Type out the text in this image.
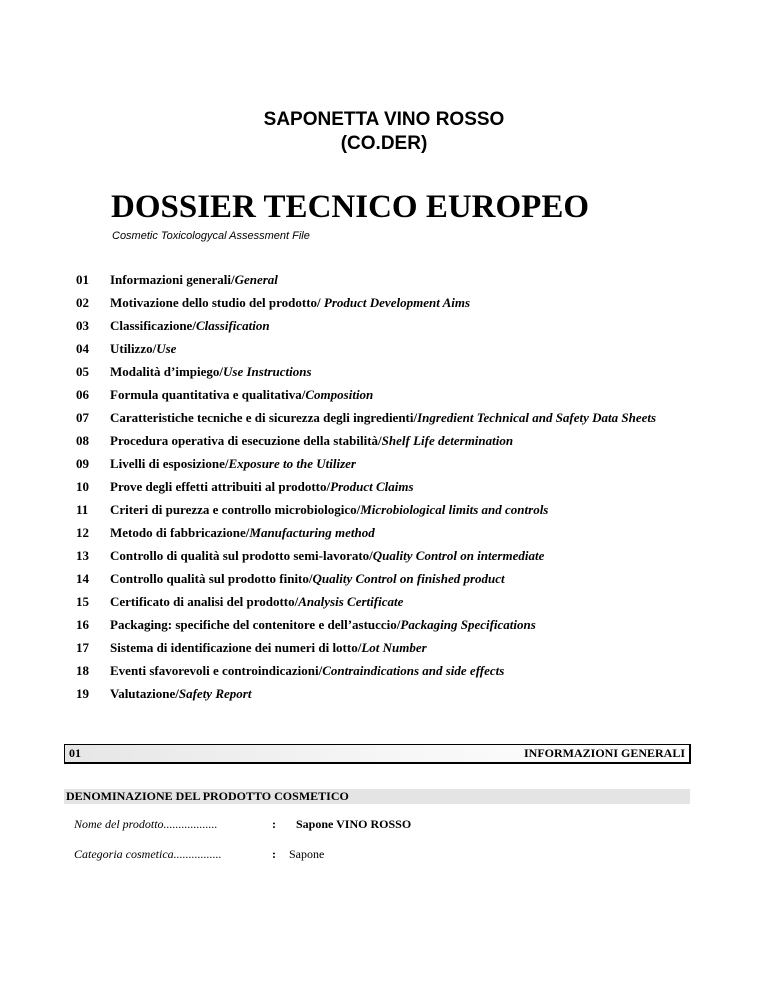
SAPONETTA VINO ROSSO
(CO.DER)
DOSSIER TECNICO EUROPEO
Cosmetic Toxicologycal Assessment File
01	Informazioni generali/General
02	Motivazione dello studio del prodotto/ Product Development Aims
03	Classificazione/Classification
04	Utilizzo/Use
05	Modalità d’impiego/Use Instructions
06	Formula quantitativa e qualitativa/Composition
07	Caratteristiche tecniche e di sicurezza degli ingredienti/Ingredient Technical and Safety Data Sheets
08	Procedura operativa di esecuzione della stabilità/Shelf Life determination
09	Livelli di esposizione/Exposure to the Utilizer
10	Prove degli effetti attribuiti al prodotto/Product Claims
11	Criteri di purezza e controllo microbiologico/Microbiological limits and controls
12	Metodo di fabbricazione/Manufacturing method
13	Controllo di qualità sul prodotto semi-lavorato/Quality Control on intermediate
14	Controllo qualità sul prodotto finito/Quality Control on finished product
15	Certificato di analisi del prodotto/Analysis Certificate
16	Packaging: specifiche del contenitore e dell’astuccio/Packaging Specifications
17	Sistema di identificazione dei numeri di lotto/Lot Number
18	Eventi sfavorevoli e controindicazioni/Contraindications and side effects
19	Valutazione/Safety Report
01	INFORMAZIONI GENERALI
DENOMINAZIONE DEL PRODOTTO COSMETICO
Nome del prodotto..................	: Sapone VINO ROSSO
Categoria cosmetica................	: Sapone
